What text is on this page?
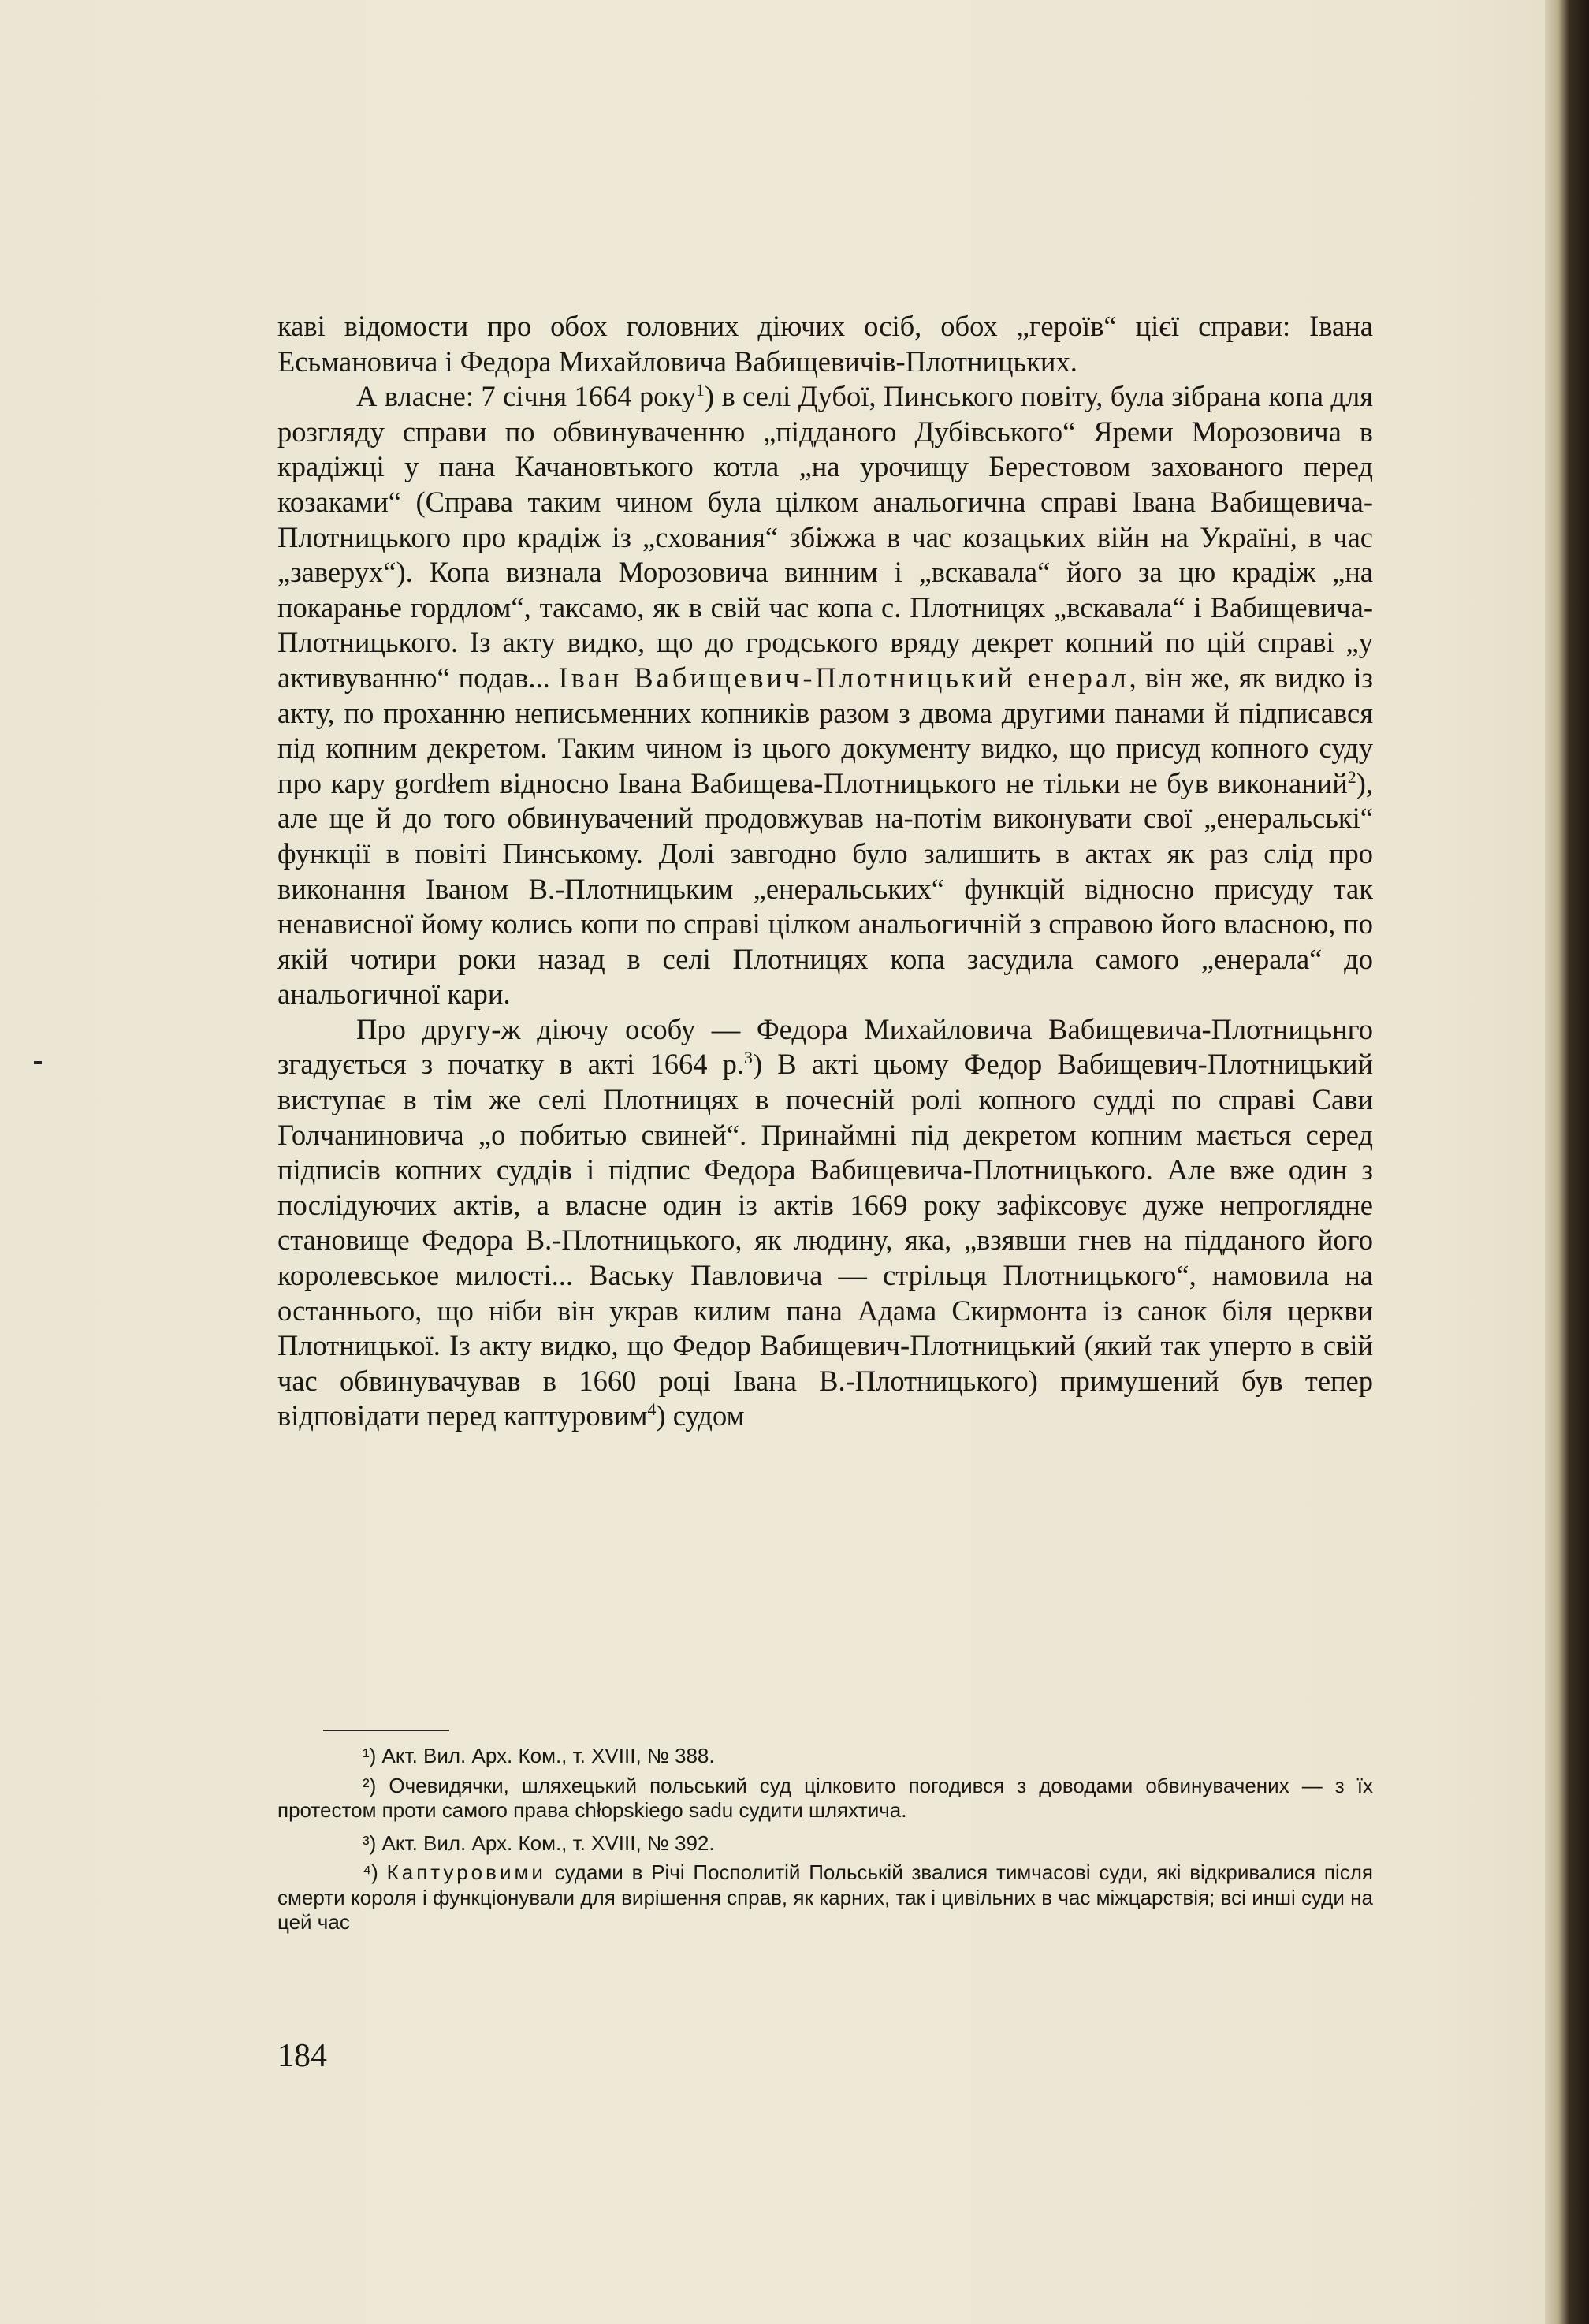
каві відомости про обох головних діючих осіб, обох „героїв“ цієї справи: Івана Есьмановича і Федора Михайловича Вабищевичів-Плотницьких.

А власне: 7 січня 1664 року$^1$) в селі Дубої, Пинського повіту, була зібрана копа для розгляду справи по обвинуваченню „підданого Дубівського“ Яреми Морозовича в крадіжці у пана Качановтького котла „на урочищу Берестовом захованого перед козаками“ (Справа таким чином була цілком анальогична справі Івана Вабищевича-Плотницького про крадіж із „схования“ збіжжа в час козацьких війн на Україні, в час „заверух“). Копа визнала Морозовича винним і „вскавала“ його за цю крадіж „на покаранье гордлом“, таксамо, як в свій час копа с. Плотницях „вскавала“ і Вабищевича-Плотницького. Із акту видко, що до гродського вряду декрет копний по цій справі „у активуванню“ подав... Іван Вабищевич-Плотницький енерал, він же, як видко із акту, по проханню неписьменних копників разом з двома другими панами й підписався під копним декретом. Таким чином із цього документу видко, що присуд копного суду про кару gordłem відносно Івана Вабищева-Плотницького не тільки не був виконаний$^2$), але ще й до того обвинувачений продовжував на-потім виконувати свої „енеральські“ функції в повіті Пинському. Долі завгодно було залишить в актах як раз слід про виконання Іваном В.-Плотницьким „енеральських“ функцій відносно присуду так ненависної йому колись копи по справі цілком анальогичній з справою його власною, по якій чотири роки назад в селі Плотницях копа засудила самого „енерала“ до анальогичної кари.

Про другу-ж діючу особу — Федора Михайловича Вабищевича-Плотницьнго згадується з початку в акті 1664 р.$^3$) В акті цьому Федор Вабищевич-Плотницький виступає в тім же селі Плотницях в почесній ролі копного судді по справі Сави Голчаниновича „о побитью свиней“. Принаймні під декретом копним мається серед підписів копних суддів і підпис Федора Вабищевича-Плотницького. Але вже один з послідуючих актів, а власне один із актів 1669 року зафіксовує дуже непроглядне становище Федора В.-Плотницького, як людину, яка, „взявши гнев на підданого його королевськое милості... Ваську Павловича — стрільця Плотницького“, намовила на останнього, що ніби він украв килим пана Адама Скирмонта із санок біля церкви Плотницької. Із акту видко, що Федор Вабищевич-Плотницький (який так уперто в свій час обвинувачував в 1660 році Івана В.-Плотницького) примушений був тепер відповідати перед каптуровим$^4$) судом

¹) Акт. Вил. Арх. Ком., т. XVIII, № 388.

²) Очевидячки, шляхецький польський суд цілковито погодився з доводами обвинувачених — з їх протестом проти самого права chłopskiego sadu судити шляхтича.

³) Акт. Вил. Арх. Ком., т. XVIII, № 392.

⁴) Каптуровими судами в Річі Посполитій Польській звалися тимчасові суди, які відкривалися після смерти короля і функціонували для вирішення справ, як карних, так і цивільних в час міжцарствія; всі инші суди на цей час

184
